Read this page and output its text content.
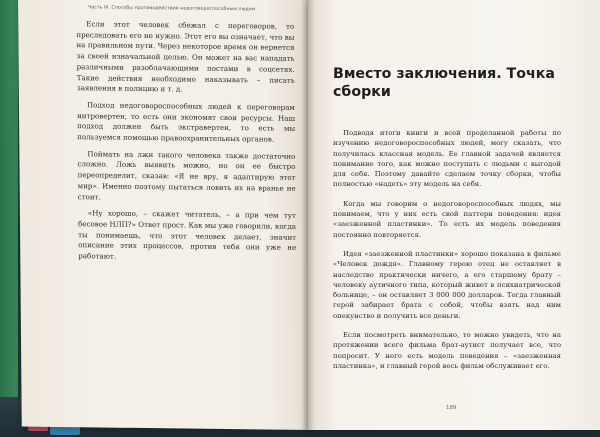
Часть III. Способы противодействия недоговороспособным людям

Если этот человек сбежал с переговоров, то преследовать его не нужно. Этот его вы означает, что вы на правильном пути. Через некоторое время он вернется за своей изначальной целью. Он может на вас нападать различными разоблачающими постами в соцсетях. Такие действия необходимо наказывать – писать заявления в полицию и т. д.

Подход недоговороспособных людей к переговорам интровертен, то есть они экономят свои ресурсы. Наш подход должен быть экстравертен, то есть мы пользуемся помощью правоохранительных органов.

Поймать на лжи такого человека также достаточно сложно. Ложь выявить можно, но он ее быстро переопределит, сказав: «Я не вру, я адаптирую этот мир». Именно поэтому пытаться ловить их на вранье не стоит.

«Ну хорошо, – скажет читатель, – а при чем тут бесовое НЛП?» Ответ прост. Как мы уже говорили, когда ты понимаешь, что этот человек делает, значит описание этих процессов, против тебя они уже не работают.

Вместо заключения. Точка сборки

Подводя итоги книги и всей проделанной работы по изучению недоговороспособных людей, могу сказать, что получилась классная модель. Ее главной задачей является понимание того, как можно поступать с людьми с выгодой для себя. Поэтому давайте сделаем точку сборки, чтобы полностью «надеть» эту модель на себя.

Когда мы говорим о недоговороспособных людях, мы понимаем, что у них есть свой паттерн поведения: идея «заезженной пластинки». То есть их модель поведения постоянно повторяется.

Идея «заезженной пластинки» хорошо показана в фильме «Человек дождя». Главному герою отец не оставляет в наследство практически ничего, а его старшему брату – человеку аутичного типа, который живет в психиатрической больнице, – он оставляет 3 000 000 долларов. Тогда главный герой забирает брата с собой, чтобы взять над ним опекунство и получить все деньги.

Если посмотреть внимательно, то можно увидеть, что на протяжении всего фильма брат-аутист получает все, что попросит. У него есть модель поведения – «заезженная пластинка», и главный герой весь фильм обслуживает его.

189
